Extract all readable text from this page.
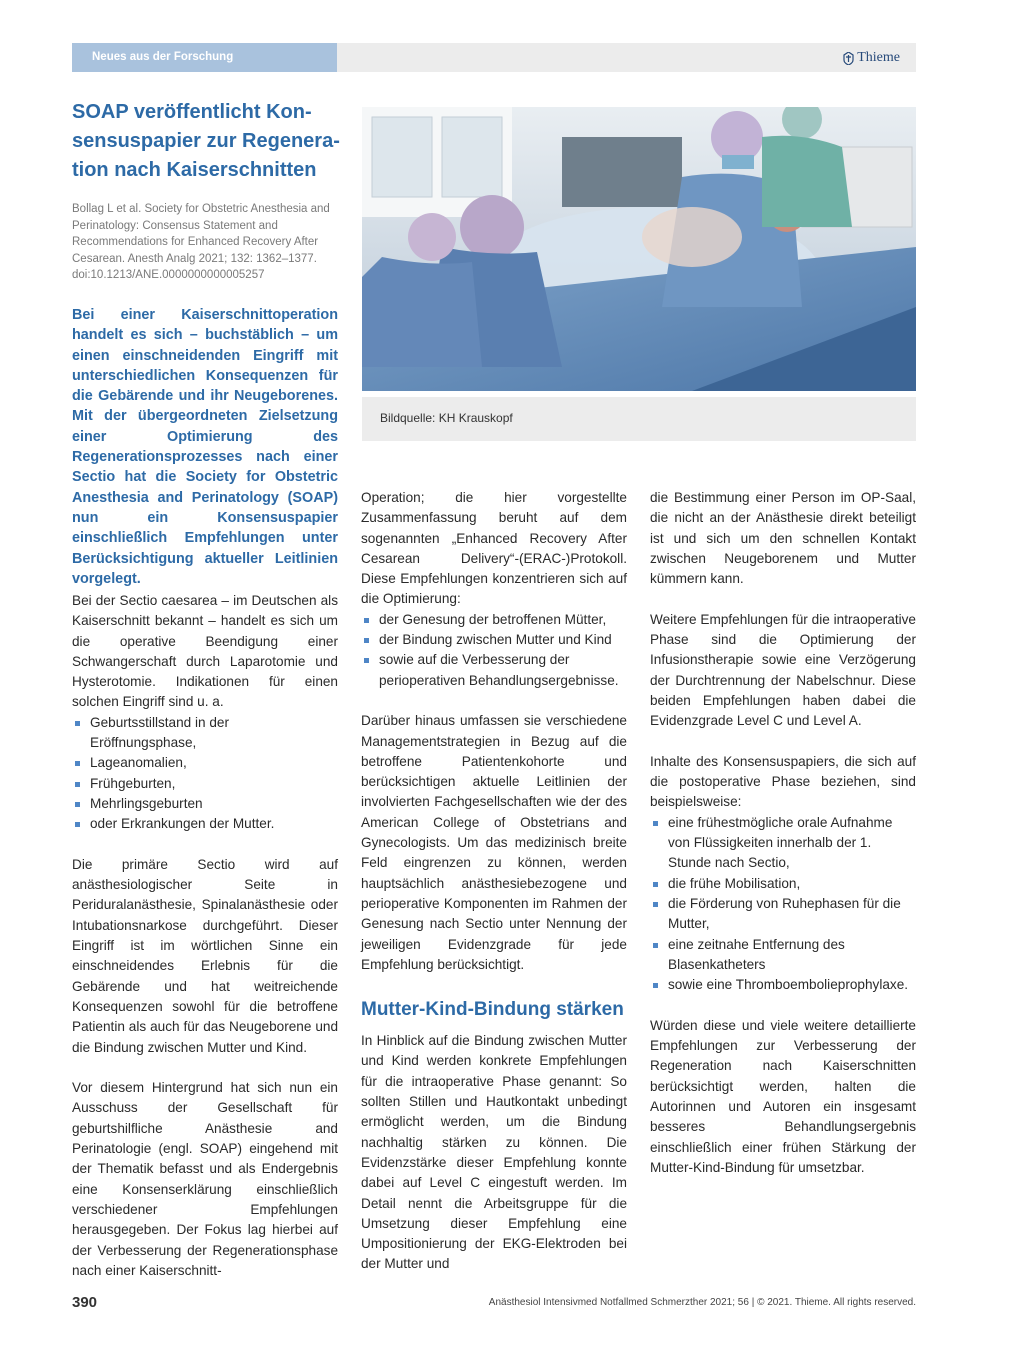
Neues aus der Forschung	Thieme
SOAP veröffentlicht Kon-sensuspapier zur Regenera-tion nach Kaiserschnitten
Bollag L et al. Society for Obstetric Anesthesia and Perinatology: Consensus Statement and Recommendations for Enhanced Recovery After Cesarean. Anesth Analg 2021; 132: 1362–1377. doi:10.1213/ANE.0000000000005257
Bei einer Kaiserschnittoperation handelt es sich – buchstäblich – um einen einschneidenden Eingriff mit unterschiedlichen Konsequenzen für die Gebärende und ihr Neugeborenes. Mit der übergeordneten Zielsetzung einer Optimierung des Regenerationsprozesses nach einer Sectio hat die Society for Obstetric Anesthesia and Perinatology (SOAP) nun ein Konsensuspapier einschließlich Empfehlungen unter Berücksichtigung aktueller Leitlinien vorgelegt.
Bildquelle: KH Krauskopf

Bei der Sectio caesarea – im Deutschen als Kaiserschnitt bekannt – handelt es sich um die operative Beendigung einer Schwangerschaft durch Laparotomie und Hysterotomie. Indikationen für einen solchen Eingriff sind u. a.

Geburtsstillstand in der Eröffnungsphase,
Lageanomalien,
Frühgeburten,
Mehrlingsgeburten
oder Erkrankungen der Mutter.

Die primäre Sectio wird auf anästhesiologischer Seite in Periduralanästhesie, Spinalanästhesie oder Intubationsnarkose durchgeführt. Dieser Eingriff ist im wörtlichen Sinne ein einschneidendes Erlebnis für die Gebärende und hat weitreichende Konsequenzen sowohl für die betroffene Patientin als auch für das Neugeborene und die Bindung zwischen Mutter und Kind.

Vor diesem Hintergrund hat sich nun ein Ausschuss der Gesellschaft für geburtshilfliche Anästhesie and Perinatologie (engl. SOAP) eingehend mit der Thematik befasst und als Endergebnis eine Konsenserklärung einschließlich verschiedener Empfehlungen herausgegeben. Der Fokus lag hierbei auf der Verbesserung der Regenerationsphase nach einer Kaiserschnitt-

Operation; die hier vorgestellte Zusammenfassung beruht auf dem sogenannten „Enhanced Recovery After Cesarean Delivery“-(ERAC-)Protokoll. Diese Empfehlungen konzentrieren sich auf die Optimierung:

der Genesung der betroffenen Mütter,
der Bindung zwischen Mutter und Kind
sowie auf die Verbesserung der perioperativen Behandlungsergebnisse.

Darüber hinaus umfassen sie verschiedene Managementstrategien in Bezug auf die betroffene Patientenkohorte und berücksichtigen aktuelle Leitlinien der involvierten Fachgesellschaften wie der des American College of Obstetrians and Gynecologists. Um das medizinisch breite Feld eingrenzen zu können, werden hauptsächlich anästhesiebezogene und perioperative Komponenten im Rahmen der Genesung nach Sectio unter Nennung der jeweiligen Evidenzgrade für jede Empfehlung berücksichtigt.

Mutter-Kind-Bindung stärken

In Hinblick auf die Bindung zwischen Mutter und Kind werden konkrete Empfehlungen für die intraoperative Phase genannt: So sollten Stillen und Hautkontakt unbedingt ermöglicht werden, um die Bindung nachhaltig stärken zu können. Die Evidenzstärke dieser Empfehlung konnte dabei auf Level C eingestuft werden. Im Detail nennt die Arbeitsgruppe für die Umsetzung dieser Empfehlung eine Umpositionierung der EKG-Elektroden bei der Mutter und

die Bestimmung einer Person im OP-Saal, die nicht an der Anästhesie direkt beteiligt ist und sich um den schnellen Kontakt zwischen Neugeborenem und Mutter kümmern kann.

Weitere Empfehlungen für die intraoperative Phase sind die Optimierung der Infusionstherapie sowie eine Verzögerung der Durchtrennung der Nabelschnur. Diese beiden Empfehlungen haben dabei die Evidenzgrade Level C und Level A.

Inhalte des Konsensuspapiers, die sich auf die postoperative Phase beziehen, sind beispielsweise:

eine frühestmögliche orale Aufnahme von Flüssigkeiten innerhalb der 1. Stunde nach Sectio,
die frühe Mobilisation,
die Förderung von Ruhephasen für die Mutter,
eine zeitnahe Entfernung des Blasenkatheters
sowie eine Thromboembolieprophylaxe.

Würden diese und viele weitere detaillierte Empfehlungen zur Verbesserung der Regeneration nach Kaiserschnitten berücksichtigt werden, halten die Autorinnen und Autoren ein insgesamt besseres Behandlungsergebnis einschließlich einer frühen Stärkung der Mutter-Kind-Bindung für umsetzbar.

390	Anästhesiol Intensivmed Notfallmed Schmerzther 2021; 56 | © 2021. Thieme. All rights reserved.
